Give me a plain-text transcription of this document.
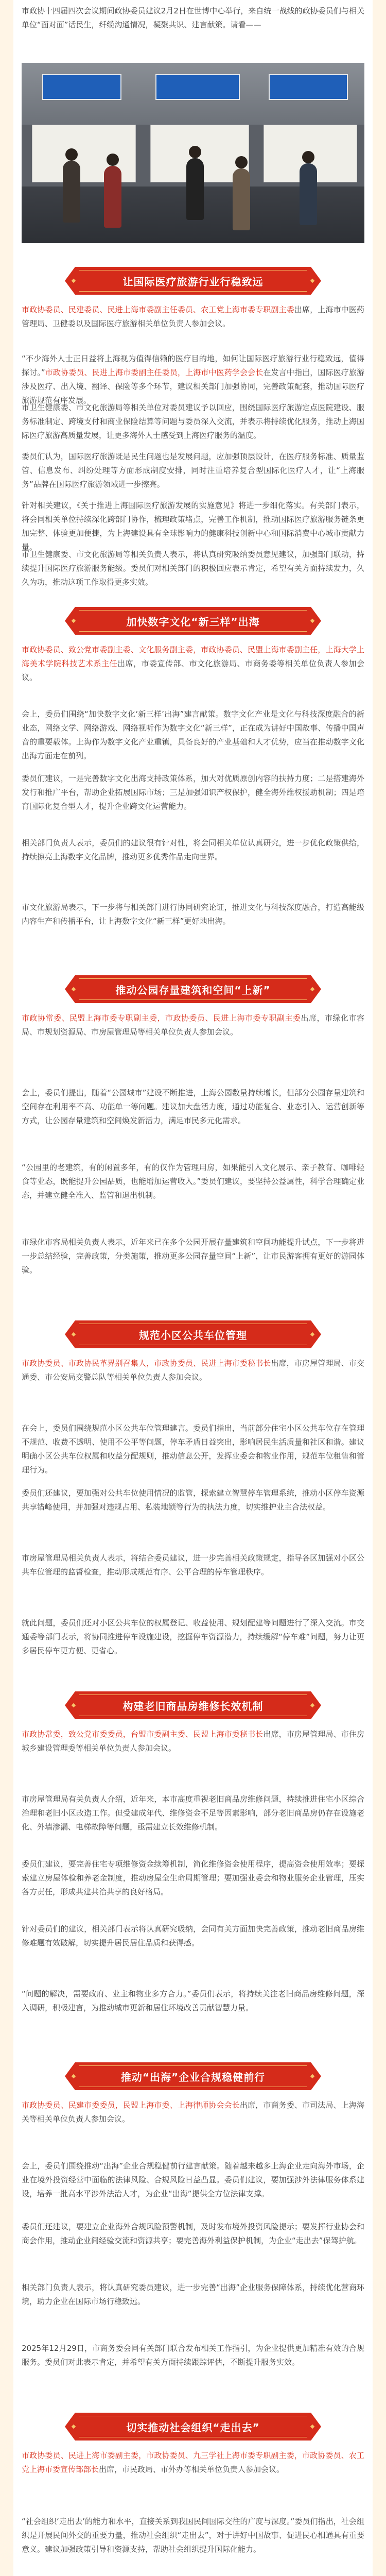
市政协十四届四次会议期间政协委员建议2月2日在世博中心举行，来自统一战线的政协委员们与相关单位“面对面”话民生，纤缆沟通情况，凝聚共识、建言献策。请看——

让国际医疗旅游行业行稳致远

市政协委员、民建委员、民进上海市委副主任委员、农工党上海市委专职副主委出席，上海市中医药管理局、卫健委以及国际医疗旅游相关单位负责人参加会议。

“不少海外人士正日益将上海视为值得信赖的医疗目的地，如何让国际医疗旅游行业行稳致远，值得探讨。”市政协委员、民进上海市委副主任委员，上海市中医药学会会长在发言中指出，国际医疗旅游涉及医疗、出入境、翻译、保险等多个环节，建议相关部门加强协同，完善政策配套，推动国际医疗旅游规范有序发展。

市卫生健康委、市文化旅游局等相关单位对委员建议予以回应，围绕国际医疗旅游定点医院建设、服务标准制定、跨境支付和商业保险结算等问题与委员深入交流，并表示将持续优化服务，推动上海国际医疗旅游高质量发展，让更多海外人士感受到上海医疗服务的温度。

委员们认为，国际医疗旅游既是民生问题也是发展问题，应加强顶层设计，在医疗服务标准、质量监管、信息发布、纠纷处理等方面形成制度安排，同时注重培养复合型国际化医疗人才，让“上海服务”品牌在国际医疗旅游领域进一步擦亮。

针对相关建议，《关于推进上海国际医疗旅游发展的实施意见》将进一步细化落实。有关部门表示，将会同相关单位持续深化跨部门协作，梳理政策堵点，完善工作机制，推动国际医疗旅游服务链条更加完整、体验更加便捷，为上海建设具有全球影响力的健康科技创新中心和国际消费中心城市贡献力量。

市卫生健康委、市文化旅游局等相关负责人表示，将认真研究吸纳委员意见建议，加强部门联动，持续提升国际医疗旅游服务能级。委员们对相关部门的积极回应表示肯定，希望有关方面持续发力，久久为功，推动这项工作取得更多实效。

加快数字文化“新三样”出海

市政协委员、致公党市委副主委、文化服务副主委，市政协委员、民盟上海市委副主任，上海大学上海美术学院科技艺术系主任出席，市委宣传部、市文化旅游局、市商务委等相关单位负责人参加会议。

会上，委员们围绕“加快数字文化‘新三样’出海”建言献策。数字文化产业是文化与科技深度融合的新业态，网络文学、网络游戏、网络视听作为数字文化“新三样”，正在成为讲好中国故事、传播中国声音的重要载体。上海作为数字文化产业重镇，具备良好的产业基础和人才优势，应当在推动数字文化出海方面走在前列。

委员们建议，一是完善数字文化出海支持政策体系，加大对优质原创内容的扶持力度；二是搭建海外发行和推广平台，帮助企业拓展国际市场；三是加强知识产权保护，健全海外维权援助机制；四是培育国际化复合型人才，提升企业跨文化运营能力。

相关部门负责人表示，委员们的建议很有针对性，将会同相关单位认真研究，进一步优化政策供给，持续擦亮上海数字文化品牌，推动更多优秀作品走向世界。

市文化旅游局表示，下一步将与相关部门进行协同研究论证，推进文化与科技深度融合，打造高能级内容生产和传播平台，让上海数字文化“新三样”更好地出海。

推动公园存量建筑和空间“上新”

市政协常委、民盟上海市委专职副主委，市政协委员、民进上海市委专职副主委出席，市绿化市容局、市规划资源局、市房屋管理局等相关单位负责人参加会议。

会上，委员们提出，随着“公园城市”建设不断推进，上海公园数量持续增长，但部分公园存量建筑和空间存在利用率不高、功能单一等问题。建议加大盘活力度，通过功能复合、业态引入、运营创新等方式，让公园存量建筑和空间焕发新活力，满足市民多元化需求。

“公园里的老建筑，有的闲置多年，有的仅作为管理用房，如果能引入文化展示、亲子教育、咖啡轻食等业态，既能提升公园品质，也能增加运营收入。”委员们建议，要坚持公益属性，科学合理确定业态，并建立健全准入、监管和退出机制。

市绿化市容局相关负责人表示，近年来已在多个公园开展存量建筑和空间功能提升试点，下一步将进一步总结经验，完善政策，分类施策，推动更多公园存量空间“上新”，让市民游客拥有更好的游园体验。

规范小区公共车位管理

市政协委员、市政协民革界别召集人，市政协委员、民进上海市委秘书长出席，市房屋管理局、市交通委、市公安局交警总队等相关单位负责人参加会议。

在会上，委员们围绕规范小区公共车位管理建言。委员们指出，当前部分住宅小区公共车位存在管理不规范、收费不透明、使用不公平等问题，停车矛盾日益突出，影响居民生活质量和社区和谐。建议明确小区公共车位权属和收益分配规则，推动信息公开，发挥业委会和物业作用，规范车位租售和管理行为。

委员们还建议，要加强对公共车位使用情况的监管，探索建立智慧停车管理系统，推动小区停车资源共享错峰使用，并加强对违规占用、私装地锁等行为的执法力度，切实维护业主合法权益。

市房屋管理局相关负责人表示，将结合委员建议，进一步完善相关政策规定，指导各区加强对小区公共车位管理的监督检查，推动形成规范有序、公平合理的停车管理秩序。

就此问题，委员们还对小区公共车位的权属登记、收益使用、规划配建等问题进行了深入交流。市交通委等部门表示，将协同推进停车设施建设，挖掘停车资源潜力，持续缓解“停车难”问题，努力让更多居民停车更方便、更省心。

构建老旧商品房维修长效机制

市政协常委，致公党市委委员，台盟市委副主委、民盟上海市委秘书长出席，市房屋管理局、市住房城乡建设管理委等相关单位负责人参加会议。

市房屋管理局有关负责人介绍，近年来，本市高度重视老旧商品房维修问题，持续推进住宅小区综合治理和老旧小区改造工作。但受建成年代、维修资金不足等因素影响，部分老旧商品房仍存在设施老化、外墙渗漏、电梯故障等问题，亟需建立长效维修机制。

委员们建议，要完善住宅专项维修资金续筹机制，简化维修资金使用程序，提高资金使用效率；要探索建立房屋体检和养老金制度，推动房屋全生命周期管理；要加强业委会和物业服务企业管理，压实各方责任，形成共建共治共享的良好格局。

针对委员们的建议，相关部门表示将认真研究吸纳，会同有关方面加快完善政策，推动老旧商品房维修难题有效破解，切实提升居民居住品质和获得感。

“问题的解决，需要政府、业主和物业多方合力。”委员们表示，将持续关注老旧商品房维修问题，深入调研，积极建言，为推动城市更新和居住环境改善贡献智慧力量。

推动“出海”企业合规稳健前行

市政协委员、民建市委委员，民盟上海市委、上海律师协会会长出席，市商务委、市司法局、上海海关等相关单位负责人参加会议。

会上，委员们围绕推动“出海”企业合规稳健前行建言献策。随着越来越多上海企业走向海外市场，企业在境外投资经营中面临的法律风险、合规风险日益凸显。委员们建议，要加强涉外法律服务体系建设，培养一批高水平涉外法治人才，为企业“出海”提供全方位法律支撑。

委员们还建议，要建立企业海外合规风险预警机制，及时发布境外投资风险提示；要发挥行业协会和商会作用，推动企业间经验交流和资源共享；要完善海外利益保护机制，为企业“走出去”保驾护航。

相关部门负责人表示，将认真研究委员建议，进一步完善“出海”企业服务保障体系，持续优化营商环境，助力企业在国际市场行稳致远。

2025年12月29日，市商务委会同有关部门联合发布相关工作指引，为企业提供更加精准有效的合规服务。委员们对此表示肯定，并希望有关方面持续跟踪评估，不断提升服务实效。

切实推动社会组织“走出去”

市政协委员、民进上海市委副主委，市政协委员、九三学社上海市委专职副主委，市政协委员、农工党上海市委宣传部部长出席，市民政局、市外办等相关单位负责人参加会议。

“社会组织‘走出去’的能力和水平，直接关系到我国民间国际交往的广度与深度。”委员们指出，社会组织是开展民间外交的重要力量，推动社会组织“走出去”，对于讲好中国故事、促进民心相通具有重要意义。建议加强政策引导和资源支持，帮助社会组织提升国际化能力。
